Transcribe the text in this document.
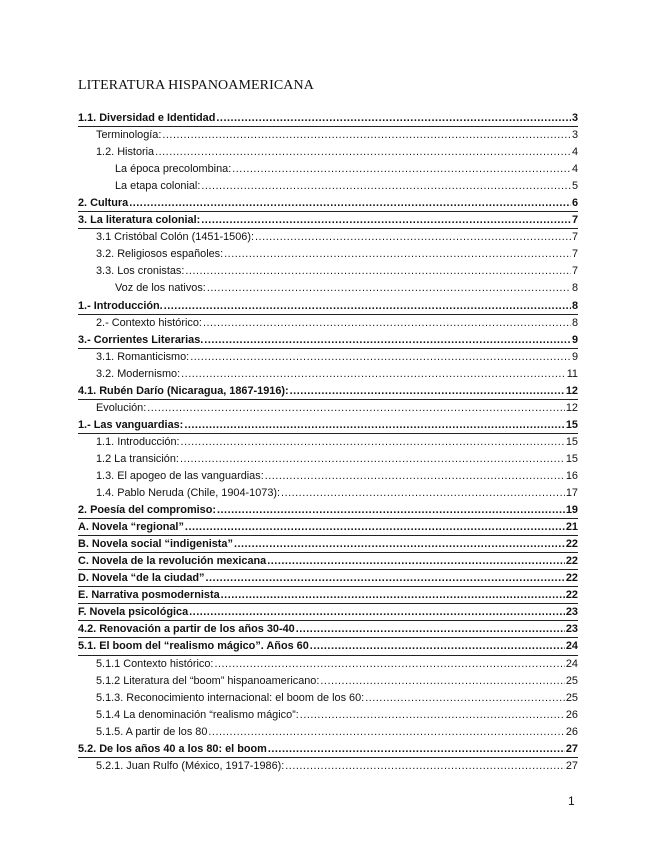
LITERATURA HISPANOAMERICANA
1.1. Diversidad e Identidad .....	3
Terminología: .....	3
1.2. Historia .....	4
La época precolombina: .....	4
La etapa colonial: .....	5
2. Cultura .....	6
3. La literatura colonial: .....	7
3.1 Cristóbal Colón (1451-1506): .....	7
3.2. Religiosos españoles: .....	7
3.3. Los cronistas: .....	7
Voz de los nativos: .....	8
1.- Introducción. .....	8
2.- Contexto histórico: .....	8
3.- Corrientes Literarias. .....	9
3.1. Romanticismo: .....	9
3.2. Modernismo: .....	11
4.1. Rubén Darío (Nicaragua, 1867-1916): .....	12
Evolución: .....	12
1.- Las vanguardias: .....	15
1.1. Introducción: .....	15
1.2 La transición: .....	15
1.3. El apogeo de las vanguardias: .....	16
1.4. Pablo Neruda (Chile, 1904-1073): .....	17
2. Poesía del compromiso: .....	19
A. Novela “regional” .....	21
B. Novela social “indigenista” .....	22
C. Novela de la revolución mexicana .....	22
D. Novela “de la ciudad” .....	22
E. Narrativa posmodernista .....	22
F. Novela psicológica .....	23
4.2. Renovación a partir de los años 30-40 .....	23
5.1. El boom del “realismo mágico”. Años 60 .....	24
5.1.1 Contexto histórico: .....	24
5.1.2 Literatura del “boom” hispanoamericano: .....	25
5.1.3. Reconocimiento internacional: el boom de los 60: .....	25
5.1.4 La denominación “realismo mágico”: .....	26
5.1.5. A partir de los 80 .....	26
5.2. De los años 40 a los 80: el boom .....	27
5.2.1. Juan Rulfo (México, 1917-1986): .....	27
1
